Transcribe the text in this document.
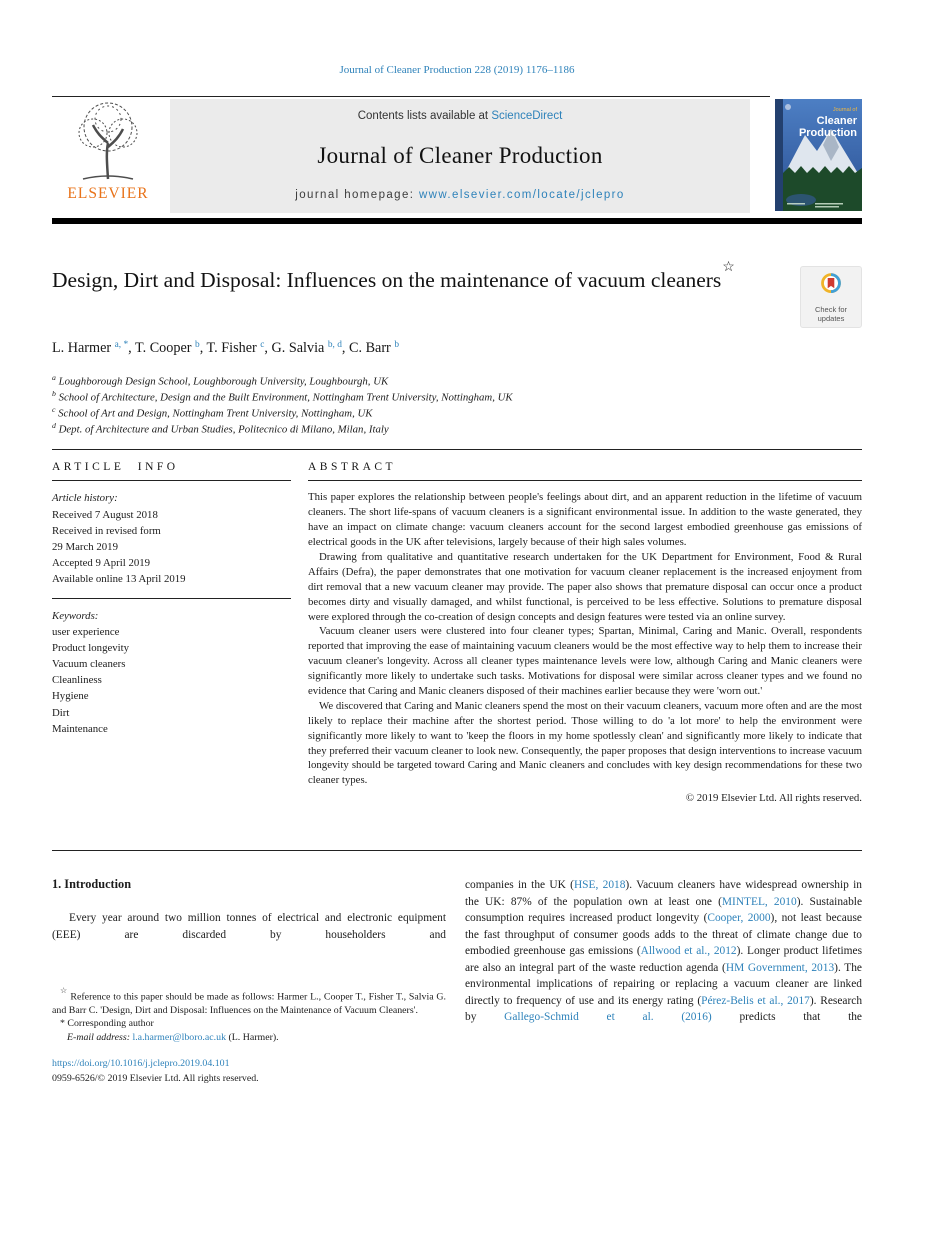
Journal of Cleaner Production 228 (2019) 1176–1186
ELSEVIER
Contents lists available at ScienceDirect
Journal of Cleaner Production
journal homepage: www.elsevier.com/locate/jclepro
Journal of
Cleaner
Production
Design, Dirt and Disposal: Influences on the maintenance of vacuum cleaners☆
Check for updates
L. Harmer $^{a, *}$, T. Cooper $^b$, T. Fisher $^c$, G. Salvia $^{b, d}$, C. Barr $^b$
$^a$ Loughborough Design School, Loughborough University, Loughbourgh, UK
$^b$ School of Architecture, Design and the Built Environment, Nottingham Trent University, Nottingham, UK
$^c$ School of Art and Design, Nottingham Trent University, Nottingham, UK
$^d$ Dept. of Architecture and Urban Studies, Politecnico di Milano, Milan, Italy
ARTICLE INFO
Article history:
Received 7 August 2018
Received in revised form
29 March 2019
Accepted 9 April 2019
Available online 13 April 2019
Keywords:
user experience
Product longevity
Vacuum cleaners
Cleanliness
Hygiene
Dirt
Maintenance
ABSTRACT

This paper explores the relationship between people's feelings about dirt, and an apparent reduction in the lifetime of vacuum cleaners. The short life-spans of vacuum cleaners is a significant environmental issue. In addition to the waste generated, they have an impact on climate change: vacuum cleaners account for the second largest embodied greenhouse gas emissions of electrical goods in the UK after televisions, largely because of their high sales volumes.

Drawing from qualitative and quantitative research undertaken for the UK Department for Environment, Food & Rural Affairs (Defra), the paper demonstrates that one motivation for vacuum cleaner replacement is the increased enjoyment from dirt removal that a new vacuum cleaner may provide. The paper also shows that premature disposal can occur once a product becomes dirty and visually damaged, and whilst functional, is perceived to be less effective. Solutions to premature disposal were explored through the co-creation of design concepts and design features were tested via an online survey.

Vacuum cleaner users were clustered into four cleaner types; Spartan, Minimal, Caring and Manic. Overall, respondents reported that improving the ease of maintaining vacuum cleaners would be the most effective way to help them to increase their vacuum cleaner's longevity. Across all cleaner types maintenance levels were low, although Caring and Manic cleaners were significantly more likely to undertake such tasks. Motivations for disposal were similar across cleaner types and we found no evidence that Caring and Manic cleaners disposed of their machines earlier because they were 'worn out.'

We discovered that Caring and Manic cleaners spend the most on their vacuum cleaners, vacuum more often and are the most likely to replace their machine after the shortest period. Those willing to do 'a lot more' to help the environment were significantly more likely to want to 'keep the floors in my home spotlessly clean' and significantly more likely to indicate that they preferred their vacuum cleaner to look new. Consequently, the paper proposes that design interventions to increase vacuum longevity should be targeted toward Caring and Manic cleaners and concludes with key design recommendations for these two cleaner types.

© 2019 Elsevier Ltd. All rights reserved.
1. Introduction

Every year around two million tonnes of electrical and electronic equipment (EEE) are discarded by householders and

☆ Reference to this paper should be made as follows: Harmer L., Cooper T., Fisher T., Salvia G. and Barr C. 'Design, Dirt and Disposal: Influences on the Maintenance of Vacuum Cleaners'.

* Corresponding author

E-mail address: l.a.harmer@lboro.ac.uk (L. Harmer).

https://doi.org/10.1016/j.jclepro.2019.04.101
0959-6526/© 2019 Elsevier Ltd. All rights reserved.

companies in the UK (HSE, 2018). Vacuum cleaners have widespread ownership in the UK: 87% of the population own at least one (MINTEL, 2010). Sustainable consumption requires increased product longevity (Cooper, 2000), not least because the fast throughput of consumer goods adds to the threat of climate change due to embodied greenhouse gas emissions (Allwood et al., 2012). Longer product lifetimes are also an integral part of the waste reduction agenda (HM Government, 2013). The environmental implications of repairing or replacing a vacuum cleaner are linked directly to frequency of use and its energy rating (Pérez-Belis et al., 2017). Research by Gallego-Schmid et al. (2016) predicts that the
